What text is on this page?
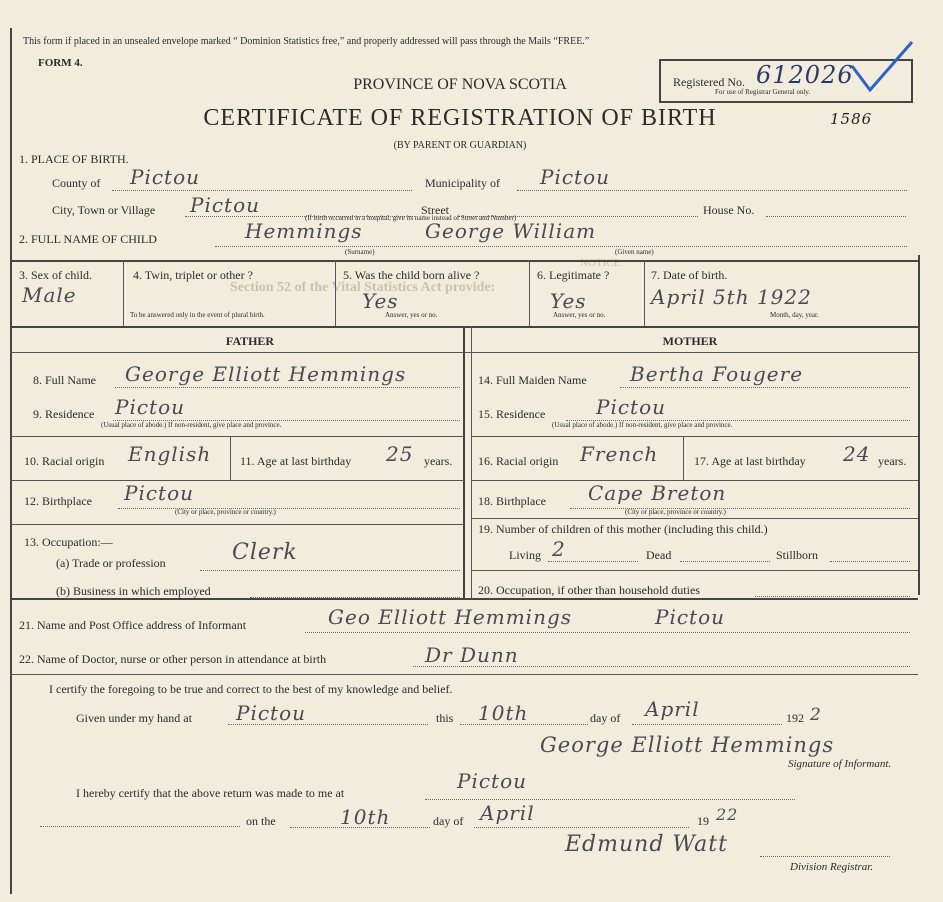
This form if placed in an unsealed envelope marked “ Dominion Statistics free,” and properly addressed will pass through the Mails “FREE.”
FORM 4.
PROVINCE OF NOVA SCOTIA
CERTIFICATE OF REGISTRATION OF BIRTH
(BY PARENT OR GUARDIAN)
Registered No. 612026
For use of Registrar General only.
1586
1. PLACE OF BIRTH.
County of Pictou	Municipality of Pictou
City, Town or Village Pictou	Street
(If birth occurred in a hospital, give its name instead of Street and Number)
House No.
2. FULL NAME OF CHILD	Hemmings	George William
(Surname)	(Given name)
NOTICE
Section 52 of the Vital Statistics Act provide:
3. Sex of child.
Male
4. Twin, triplet or other ?
To be answered only in the event of plural birth.
5. Was the child born alive ?
Yes
Answer, yes or no.
6. Legitimate ?
Yes
Answer, yes or no.
7. Date of birth.
April 5th 1922
Month, day, year.
FATHER	MOTHER
8. Full Name George Elliott Hemmings
9. Residence Pictou
(Usual place of abode.) If non-resident, give place and province.
10. Racial origin English 11. Age at last birthday 25 years.
12. Birthplace Pictou
(City or place, province or country.)
13. Occupation:—
(a) Trade or profession	Clerk
(b) Business in which employed
14. Full Maiden Name Bertha Fougere
15. Residence	Pictou
(Usual place of abode.) If non-resident, give place and province.
16. Racial origin French	17. Age at last birthday 24 years.
18. Birthplace Cape Breton
(City or place, province or country.)
19. Number of children of this mother (including this child.)
Living 2	Dead	Stillborn
20. Occupation, if other than household duties
21. Name and Post Office address of Informant	Geo Elliott Hemmings	Pictou
22. Name of Doctor, nurse or other person in attendance at birth	Dr Dunn
I certify the foregoing to be true and correct to the best of my knowledge and belief.
Given under my hand at Pictou	this 10th	day of April	192 2
George Elliott Hemmings
Signature of Informant.
I hereby certify that the above return was made to me at	Pictou
on the	10th	day of April	19 22
Edmund Watt
Division Registrar.
